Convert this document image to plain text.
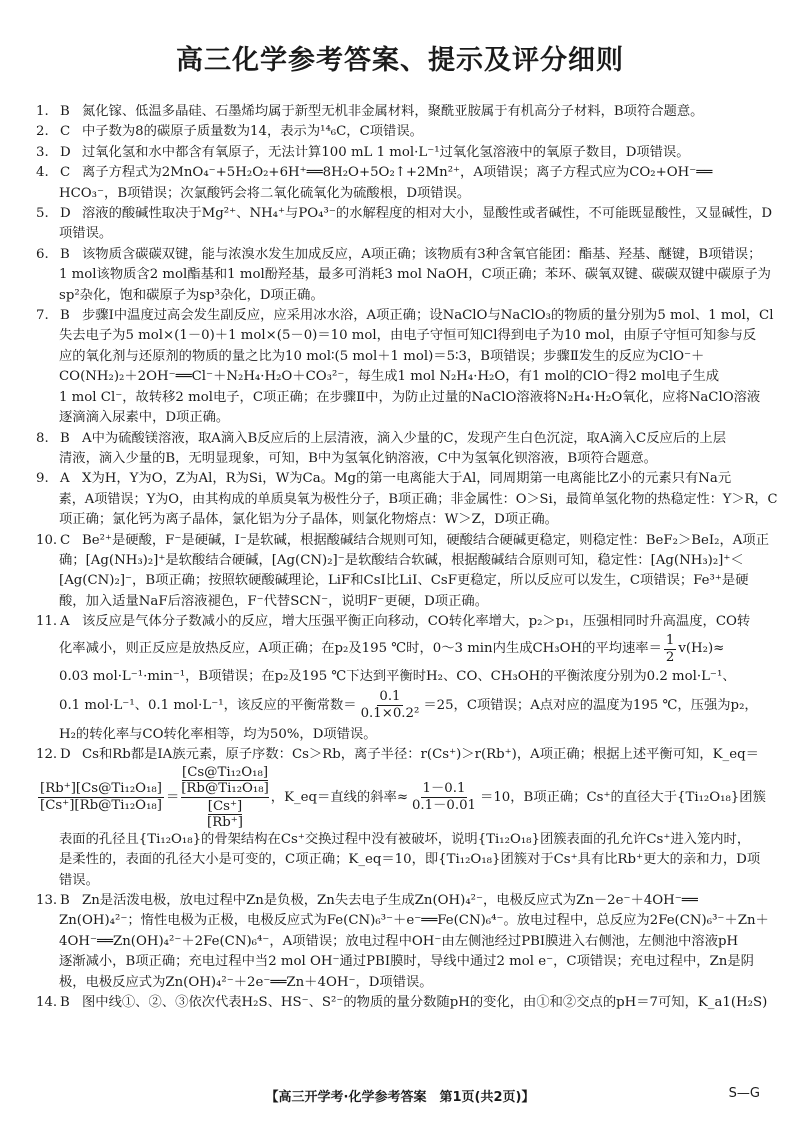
高三化学参考答案、提示及评分细则
1. B 氮化镓、低温多晶硅、石墨烯均属于新型无机非金属材料，聚酰亚胺属于有机高分子材料，B项符合题意。
2. C 中子数为8的碳原子质量数为14，表示为¹⁴₆C，C项错误。
3. D 过氧化氢和水中都含有氧原子，无法计算100 mL 1 mol·L⁻¹过氧化氢溶液中的氧原子数目，D项错误。
4. C 离子方程式为2MnO₄⁻+5H₂O₂+6H⁺══8H₂O+5O₂↑+2Mn²⁺，A项错误；离子方程式应为CO₂+OH⁻══
HCO₃⁻，B项错误；次氯酸钙会将二氧化硫氧化为硫酸根，D项错误。
5. D 溶液的酸碱性取决于Mg²⁺、NH₄⁺与PO₄³⁻的水解程度的相对大小，显酸性或者碱性，不可能既显酸性，又显碱性，D
项错误。
6. B 该物质含碳碳双键，能与浓溴水发生加成反应，A项正确；该物质有3种含氧官能团：酯基、羟基、醚键，B项错误；
1 mol该物质含2 mol酯基和1 mol酚羟基，最多可消耗3 mol NaOH，C项正确；苯环、碳氧双键、碳碳双键中碳原子为
sp²杂化，饱和碳原子为sp³杂化，D项正确。
7. B 步骤Ⅰ中温度过高会发生副反应，应采用冰水浴，A项正确；设NaClO与NaClO₃的物质的量分别为5 mol、1 mol，Cl
失去电子为5 mol×(1－0)＋1 mol×(5－0)＝10 mol，由电子守恒可知Cl得到电子为10 mol，由原子守恒可知参与反
应的氧化剂与还原剂的物质的量之比为10 mol∶(5 mol＋1 mol)＝5∶3，B项错误；步骤Ⅱ发生的反应为ClO⁻＋
CO(NH₂)₂＋2OH⁻══Cl⁻＋N₂H₄·H₂O＋CO₃²⁻，每生成1 mol N₂H₄·H₂O，有1 mol的ClO⁻得2 mol电子生成
1 mol Cl⁻，故转移2 mol电子，C项正确；在步骤Ⅱ中，为防止过量的NaClO溶液将N₂H₄·H₂O氧化，应将NaClO溶液
逐滴滴入尿素中，D项正确。
8. B A中为硫酸镁溶液，取A滴入B反应后的上层清液，滴入少量的C，发现产生白色沉淀，取A滴入C反应后的上层
清液，滴入少量的B，无明显现象，可知，B中为氢氧化钠溶液，C中为氢氧化钡溶液，B项符合题意。
9. A X为H，Y为O，Z为Al，R为Si，W为Ca。Mg的第一电离能大于Al，同周期第一电离能比Z小的元素只有Na元
素，A项错误；Y为O，由其构成的单质臭氧为极性分子，B项正确；非金属性：O＞Si，最简单氢化物的热稳定性：Y＞R，C
项正确；氯化钙为离子晶体，氯化铝为分子晶体，则氯化物熔点：W＞Z，D项正确。
10. C Be²⁺是硬酸，F⁻是硬碱，I⁻是软碱，根据酸碱结合规则可知，硬酸结合硬碱更稳定，则稳定性：BeF₂＞BeI₂，A项正
确；[Ag(NH₃)₂]⁺是软酸结合硬碱，[Ag(CN)₂]⁻是软酸结合软碱，根据酸碱结合原则可知，稳定性：[Ag(NH₃)₂]⁺＜
[Ag(CN)₂]⁻，B项正确；按照软硬酸碱理论，LiF和CsI比LiI、CsF更稳定，所以反应可以发生，C项错误；Fe³⁺是硬
酸，加入适量NaF后溶液褪色，F⁻代替SCN⁻，说明F⁻更硬，D项正确。
11. A 该反应是气体分子数减小的反应，增大压强平衡正向移动，CO转化率增大，p₂＞p₁，压强相同时升高温度，CO转
化率减小，则正反应是放热反应，A项正确；在p₂及195 ℃时，0～3 min内生成CH₃OH的平均速率＝ $\frac{1}{2} v(H_2)\approx$
0.03 mol·L⁻¹·min⁻¹，B项错误；在p₂及195 ℃下达到平衡时H₂、CO、CH₃OH的平衡浓度分别为0.2 mol·L⁻¹、
0.1 mol·L⁻¹、0.1 mol·L⁻¹，该反应的平衡常数＝ $\frac{0.1}{\text{0.1×0.2²}} =25$，C项错误；A点对应的温度为195 ℃，压强为p₂，
H₂的转化率与CO转化率相等，均为50%，D项错误。
12. D Cs和Rb都是ⅠA族元素，原子序数：Cs＞Rb，离子半径：r(Cs⁺)＞r(Rb⁺)，A项正确；根据上述平衡可知，K_eq＝
$\frac{\text{[Rb⁺][Cs@Ti₁₂O₁₈]}}{\text{[Cs⁺][Rb@Ti₁₂O₁₈]}}$ ＝
$\frac{\text{[Cs@Ti₁₂O₁₈]}}{\text{[Rb@Ti₁₂O₁₈]}}$
$\frac{[Cs^+]}{[Rb^+]}$
，K_eq＝直线的斜率≈ $\frac{1-0.1}{0.1-0.01} =10$，B项正确；Cs⁺的直径大于{Ti₁₂O₁₈}团簇
表面的孔径且{Ti₁₂O₁₈}的骨架结构在Cs⁺交换过程中没有被破坏，说明{Ti₁₂O₁₈}团簇表面的孔允许Cs⁺进入笼内时，
是柔性的，表面的孔径大小是可变的，C项正确；K_eq＝10，即{Ti₁₂O₁₈}团簇对于Cs⁺具有比Rb⁺更大的亲和力，D项
错误。
13. B Zn是活泼电极，放电过程中Zn是负极，Zn失去电子生成Zn(OH)₄²⁻，电极反应式为Zn－2e⁻＋4OH⁻══
Zn(OH)₄²⁻；惰性电极为正极，电极反应式为Fe(CN)₆³⁻＋e⁻══Fe(CN)₆⁴⁻。放电过程中，总反应为2Fe(CN)₆³⁻＋Zn＋
4OH⁻══Zn(OH)₄²⁻＋2Fe(CN)₆⁴⁻，A项错误；放电过程中OH⁻由左侧池经过PBI膜进入右侧池，左侧池中溶液pH
逐渐减小，B项正确；充电过程中当2 mol OH⁻通过PBI膜时，导线中通过2 mol e⁻，C项错误；充电过程中，Zn是阴
极，电极反应式为Zn(OH)₄²⁻＋2e⁻══Zn＋4OH⁻，D项错误。
14. B 图中线①、②、③依次代表H₂S、HS⁻、S²⁻的物质的量分数随pH的变化，由①和②交点的pH＝7可知，K_a1(H₂S)
【高三开学考·化学参考答案　第1页(共2页)】	S—G
